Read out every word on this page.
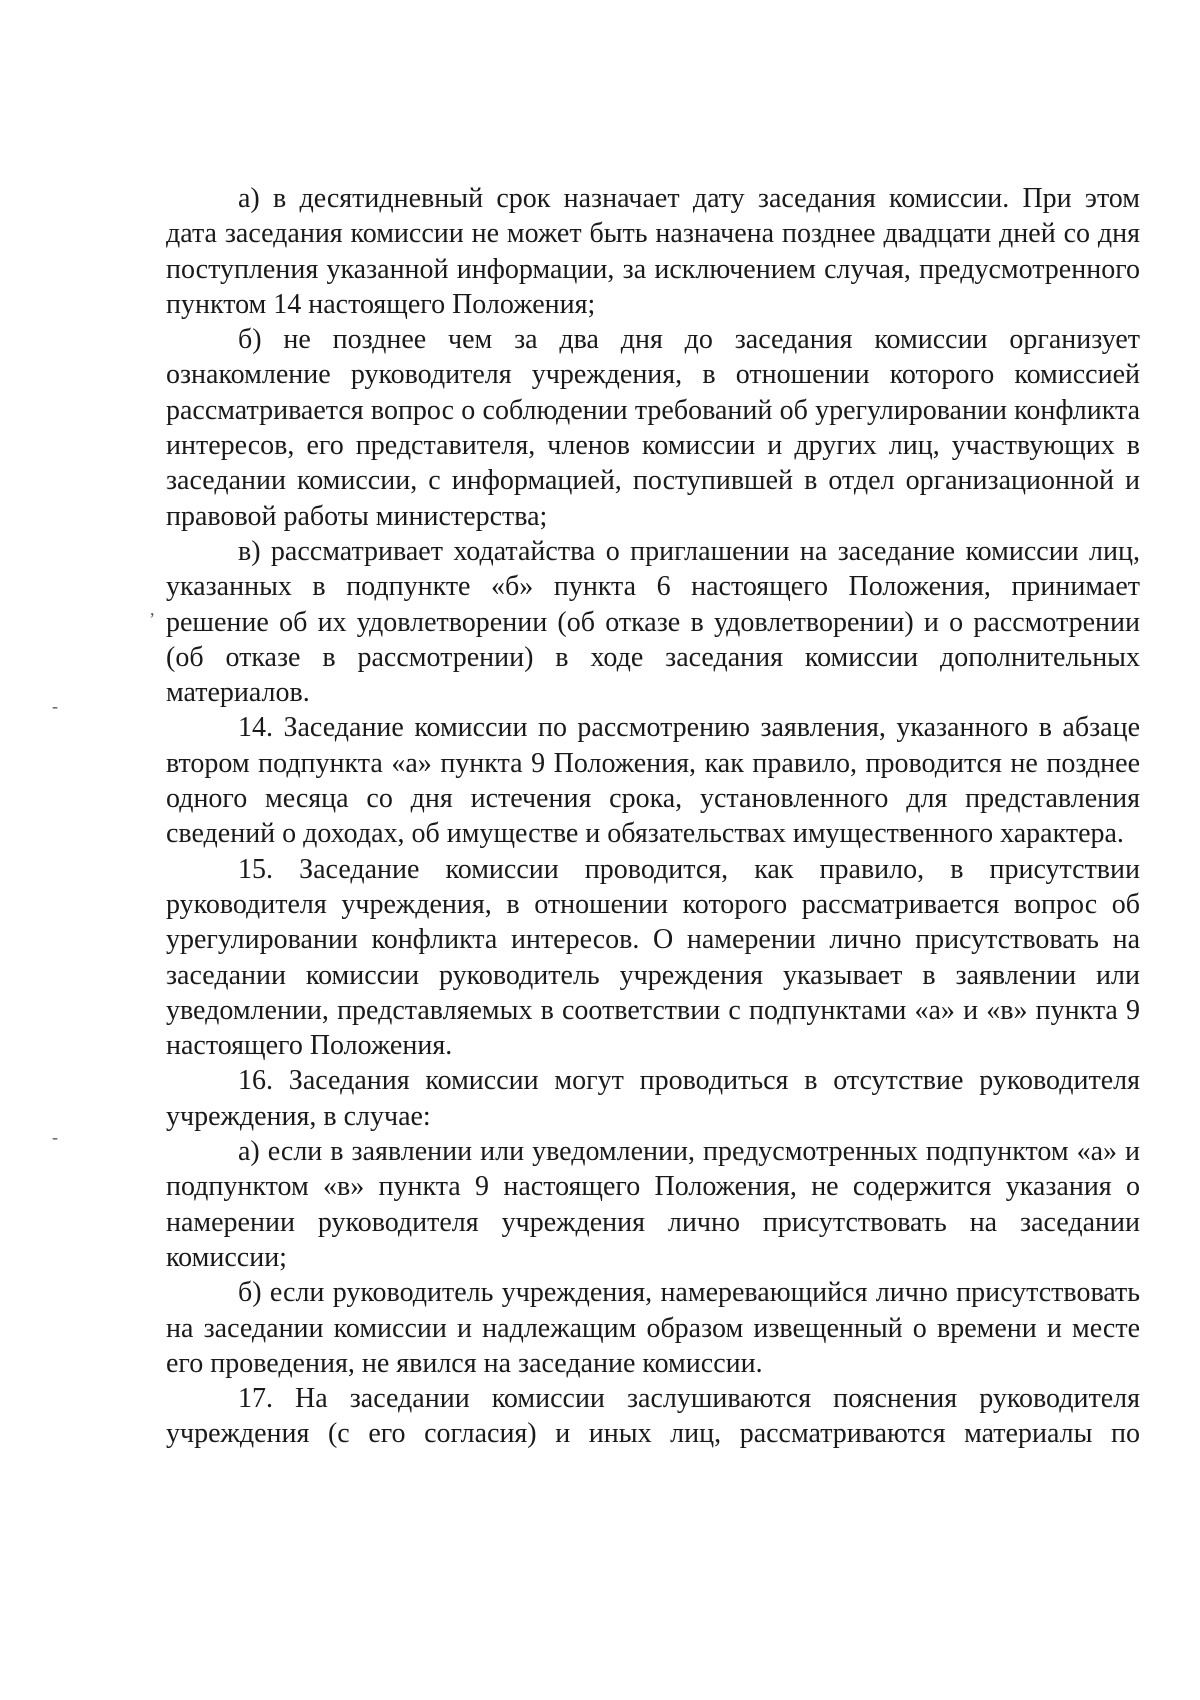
а) в десятидневный срок назначает дату заседания комиссии. При этом дата заседания комиссии не может быть назначена позднее двадцати дней со дня поступления указанной информации, за исключением случая, предусмотренного пунктом 14 настоящего Положения;

б) не позднее чем за два дня до заседания комиссии организует ознакомление руководителя учреждения, в отношении которого комиссией рассматривается вопрос о соблюдении требований об урегулировании конфликта интересов, его представителя, членов комиссии и других лиц, участвующих в заседании комиссии, с информацией, поступившей в отдел организационной и правовой работы министерства;

в) рассматривает ходатайства о приглашении на заседание комиссии лиц, указанных в подпункте «б» пункта 6 настоящего Положения, принимает решение об их удовлетворении (об отказе в удовлетворении) и о рассмотрении (об отказе в рассмотрении) в ходе заседания комиссии дополнительных материалов.

14. Заседание комиссии по рассмотрению заявления, указанного в абзаце втором подпункта «а» пункта 9 Положения, как правило, проводится не позднее одного месяца со дня истечения срока, установленного для представления сведений о доходах, об имуществе и обязательствах имущественного характера.

15. Заседание комиссии проводится, как правило, в присутствии руководителя учреждения, в отношении которого рассматривается вопрос об урегулировании конфликта интересов. О намерении лично присутствовать на заседании комиссии руководитель учреждения указывает в заявлении или уведомлении, представляемых в соответствии с подпунктами «а» и «в» пункта 9 настоящего Положения.

16. Заседания комиссии могут проводиться в отсутствие руководителя учреждения, в случае:

а) если в заявлении или уведомлении, предусмотренных подпунктом «а» и подпунктом «в» пункта 9 настоящего Положения, не содержится указания о намерении руководителя учреждения лично присутствовать на заседании комиссии;

б) если руководитель учреждения, намеревающийся лично присутствовать на заседании комиссии и надлежащим образом извещенный о времени и месте его проведения, не явился на заседание комиссии.

17. На заседании комиссии заслушиваются пояснения руководителя учреждения (с его согласия) и иных лиц, рассматриваются материалы по

,
-
-
